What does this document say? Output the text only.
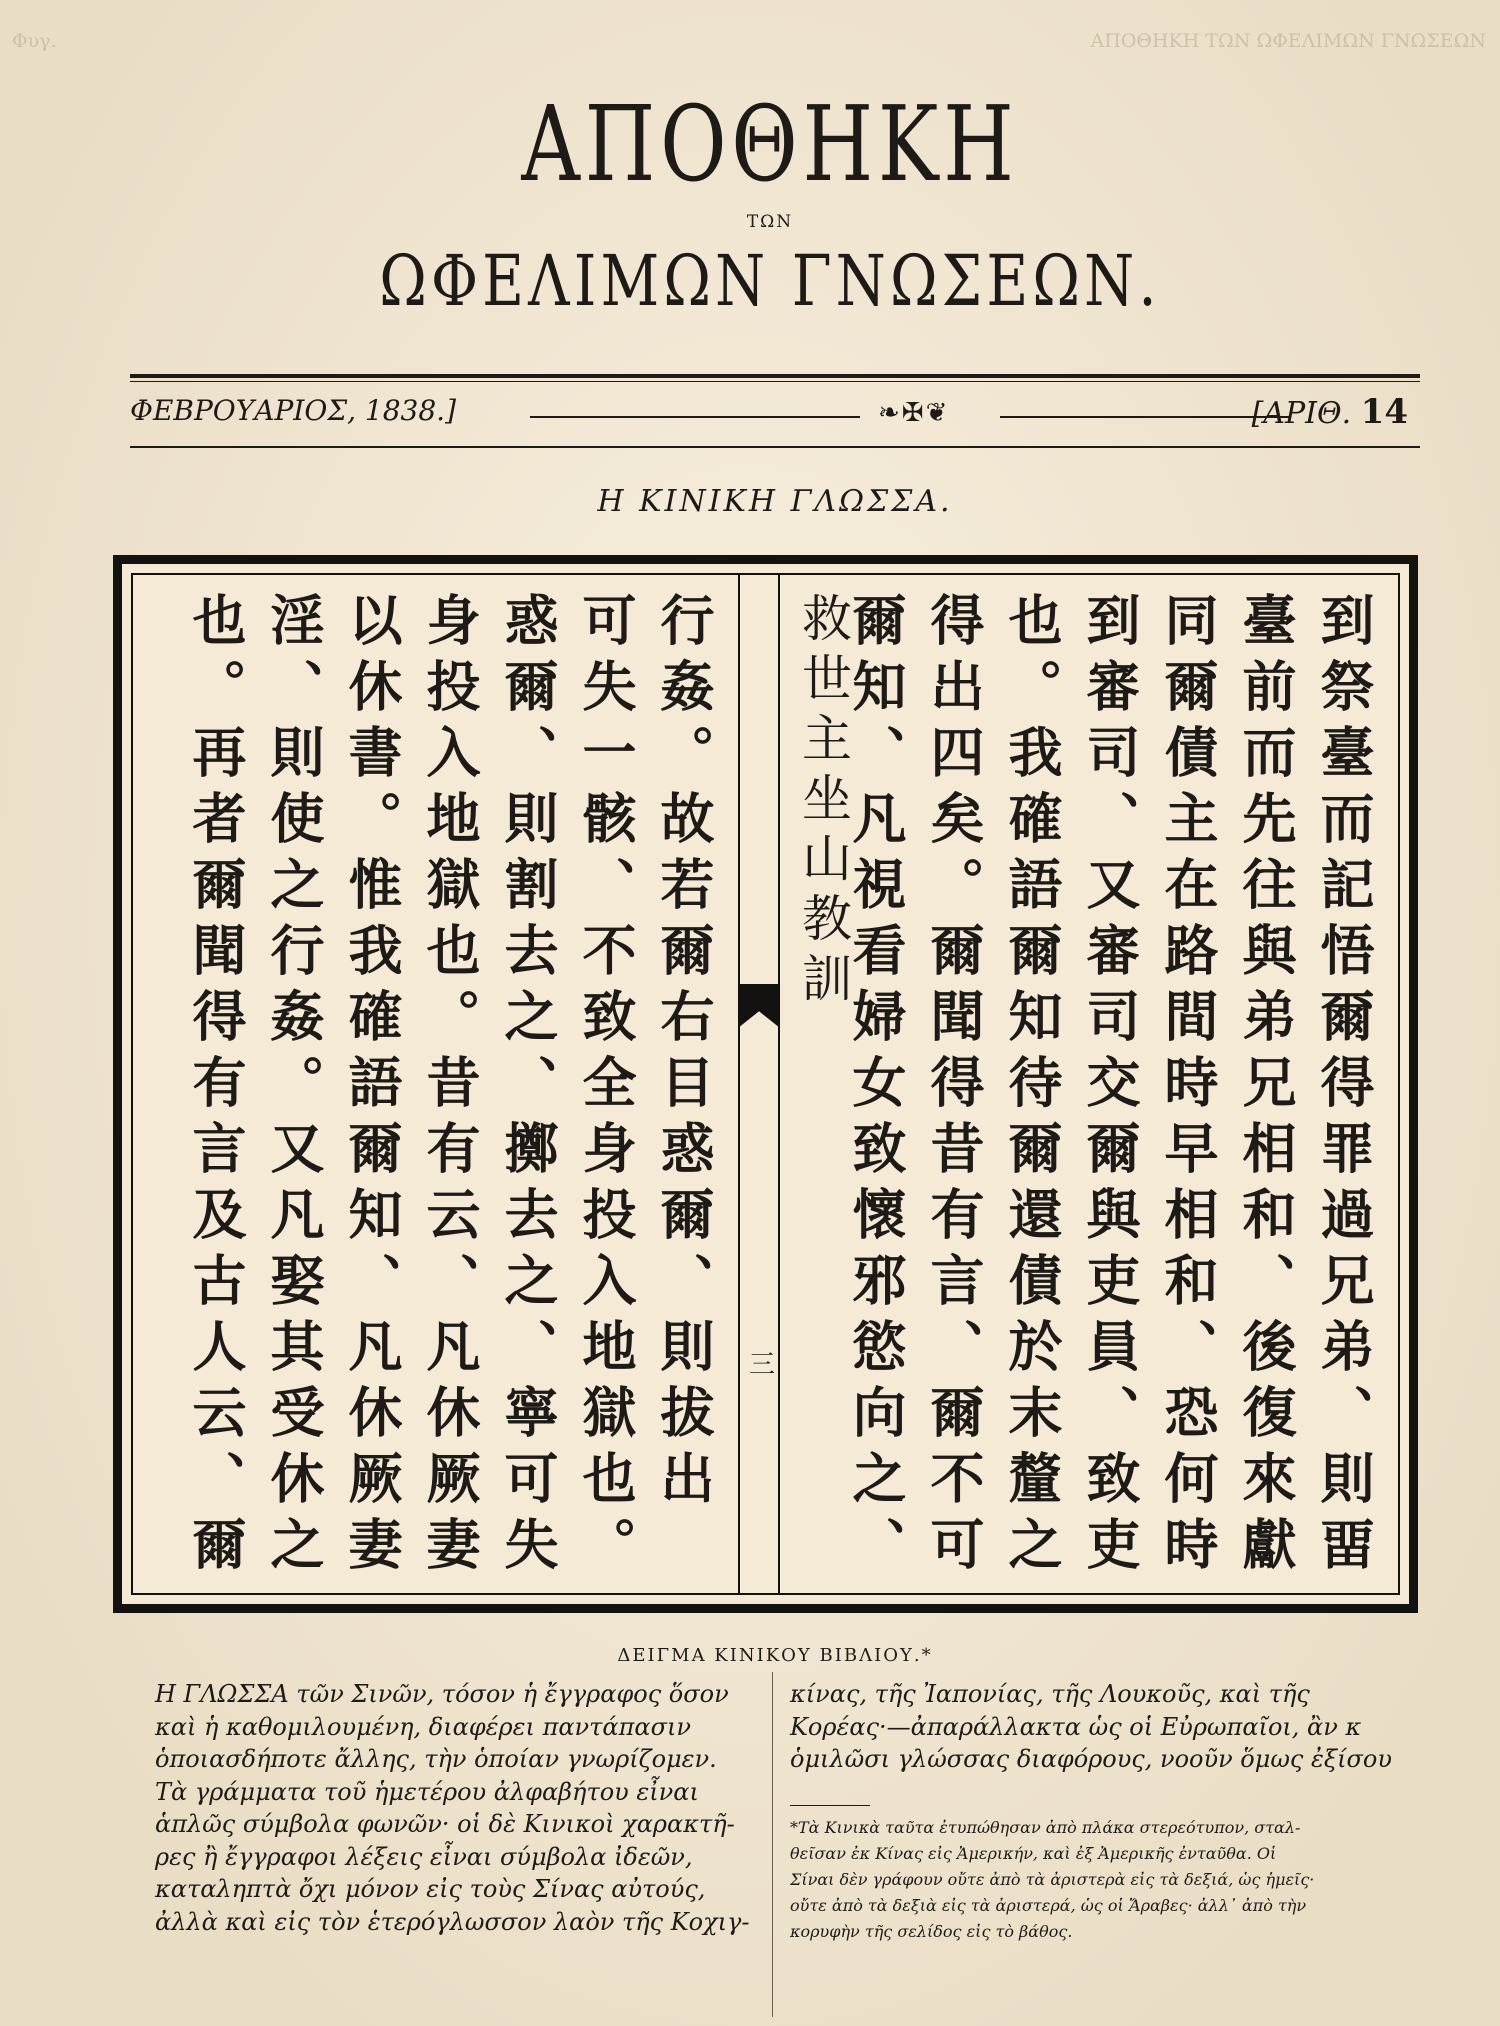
Φυγ.	ΑΠΟΘΗΚΗ ΤΩΝ ΩΦΕΛΙΜΩΝ ΓΝΩΣΕΩΝ
ΑΠΟΘΗΚΗ
ΤΩΝ
ΩΦΕΛΙΜΩΝ ΓΝΩΣΕΩΝ.
ΦΕΒΡΟΥΑΡΙΟΣ, 1838.]	❧✠❦	[ΑΡΙΘ. 14
Η ΚΙΝΙΚΗ ΓΛΩΣΣΑ.
到祭臺而記悟爾得罪過兄弟、則畱
臺前而先往與弟兄相和、後復來獻
同爾債主在路間時早相和、恐何時
到審司、又審司交爾與吏員、致吏
也。我確語爾知待爾還債於末釐之
得出四矣。爾聞得昔有言、爾不可
爾知、凡視看婦女致懷邪慾向之、
救世主坐山教訓
三
行姦。故若爾右目惑爾、則拔出
可失一骸、不致全身投入地獄也。
惑爾、則割去之、擲去之、寧可失
身投入地獄也。昔有云、凡休厥妻
以休書。惟我確語爾知、凡休厥妻
淫、則使之行姦。又凡娶其受休之
也。再者爾聞得有言及古人云、爾
ΔΕΙΓΜΑ ΚΙΝΙΚΟΥ ΒΙΒΛΙΟΥ.*

Η ΓΛΩΣΣΑ τῶν Σινῶν, τόσον ἡ ἔγγραφος ὅσον

καὶ ἡ καθομιλουμένη, διαφέρει παντάπασιν

ὁποιασδήποτε ἄλλης, τὴν ὁποίαν γνωρίζομεν.

Τὰ γράμματα τοῦ ἡμετέρου ἀλφαβήτου εἶναι

ἁπλῶς σύμβολα φωνῶν· οἱ δὲ Κινικοὶ χαρακτῆ-

ρες ἢ ἔγγραφοι λέξεις εἶναι σύμβολα ἰδεῶν,

καταληπτὰ ὄχι μόνον εἰς τοὺς Σίνας αὐτούς,

ἀλλὰ καὶ εἰς τὸν ἑτερόγλωσσον λαὸν τῆς Κοχιγ-

κίνας, τῆς Ἰαπονίας, τῆς Λουκοῦς, καὶ τῆς

Κορέας·—ἀπαράλλακτα ὡς οἱ Εὐρωπαῖοι, ἂν κ

ὁμιλῶσι γλώσσας διαφόρους, νοοῦν ὅμως ἐξίσου

*Τὰ Κινικὰ ταῦτα ἐτυπώθησαν ἀπὸ πλάκα στερεότυπον, σταλ-

θεῖσαν ἐκ Κίνας εἰς Ἀμερικήν, καὶ ἐξ Ἀμερικῆς ἐνταῦθα. Οἱ

Σίναι δὲν γράφουν οὔτε ἀπὸ τὰ ἀριστερὰ εἰς τὰ δεξιά, ὡς ἡμεῖς·

οὔτε ἀπὸ τὰ δεξιὰ εἰς τὰ ἀριστερά, ὡς οἱ Ἄραβες· ἀλλ᾽ ἀπὸ τὴν

κορυφὴν τῆς σελίδος εἰς τὸ βάθος.
